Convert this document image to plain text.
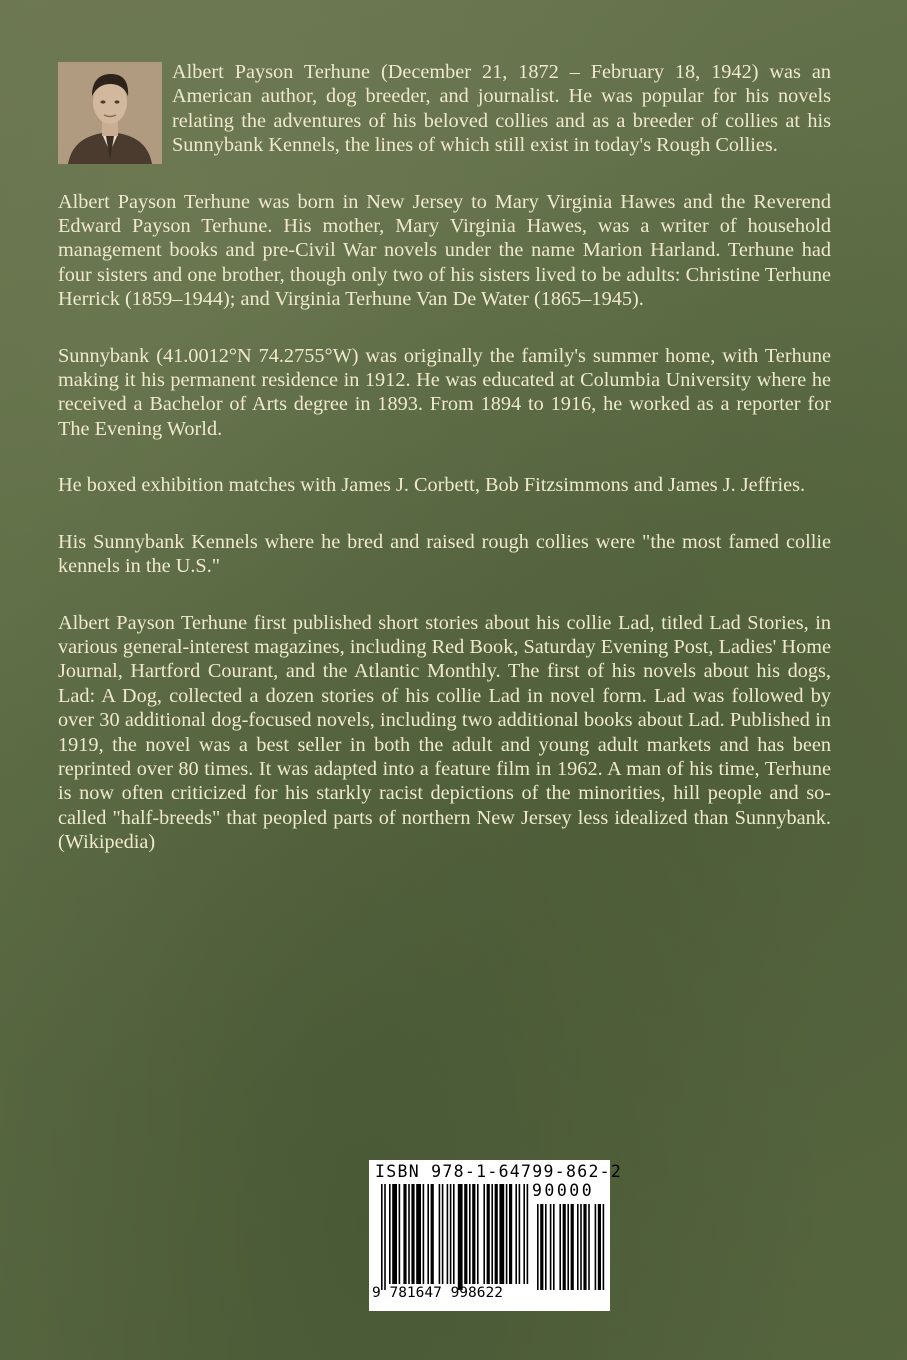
Albert Payson Terhune (December 21, 1872 – February 18, 1942) was an American author, dog breeder, and journalist. He was popular for his novels relating the adventures of his beloved collies and as a breeder of collies at his Sunnybank Kennels, the lines of which still exist in today's Rough Collies.

Albert Payson Terhune was born in New Jersey to Mary Virginia Hawes and the Reverend Edward Payson Terhune. His mother, Mary Virginia Hawes, was a writer of household management books and pre-Civil War novels under the name Marion Harland. Terhune had four sisters and one brother, though only two of his sisters lived to be adults: Christine Terhune Herrick (1859–1944); and Virginia Terhune Van De Water (1865–1945).

Sunnybank (41.0012°N 74.2755°W) was originally the family's summer home, with Terhune making it his permanent residence in 1912. He was educated at Columbia University where he received a Bachelor of Arts degree in 1893. From 1894 to 1916, he worked as a reporter for The Evening World.

He boxed exhibition matches with James J. Corbett, Bob Fitzsimmons and James J. Jeffries.

His Sunnybank Kennels where he bred and raised rough collies were "the most famed collie kennels in the U.S."

Albert Payson Terhune first published short stories about his collie Lad, titled Lad Stories, in various general-interest magazines, including Red Book, Saturday Evening Post, Ladies' Home Journal, Hartford Courant, and the Atlantic Monthly. The first of his novels about his dogs, Lad: A Dog, collected a dozen stories of his collie Lad in novel form. Lad was followed by over 30 additional dog-focused novels, including two additional books about Lad. Published in 1919, the novel was a best seller in both the adult and young adult markets and has been reprinted over 80 times. It was adapted into a feature film in 1962. A man of his time, Terhune is now often criticized for his starkly racist depictions of the minorities, hill people and so-called "half-breeds" that peopled parts of northern New Jersey less idealized than Sunnybank.(Wikipedia)

ISBN 978-1-64799-862-2
90000
9 781647 998622
